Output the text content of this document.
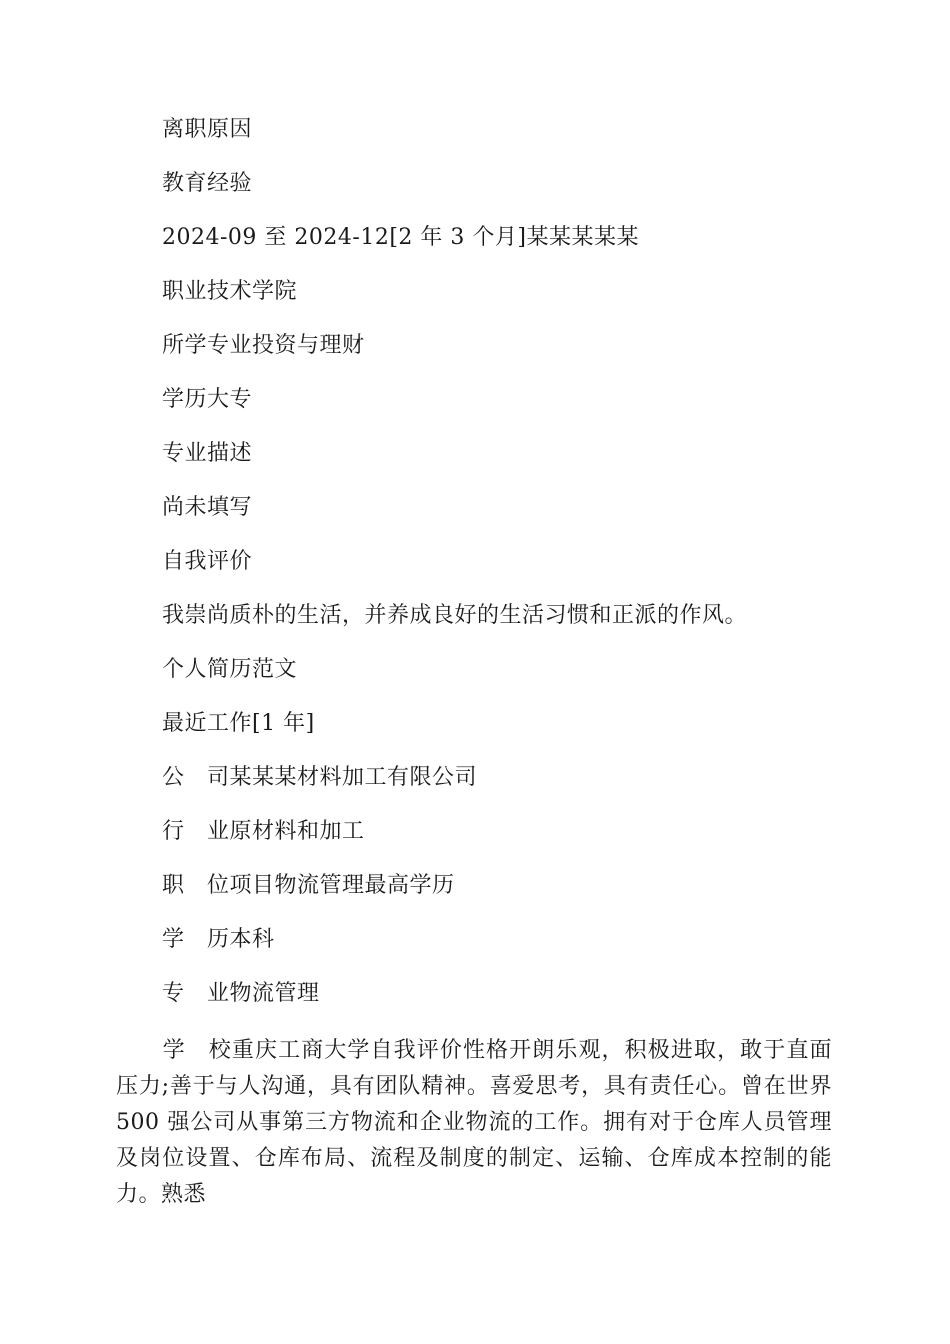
离职原因
教育经验
2024-09 至 2024-12[2 年 3 个月]某某某某某
职业技术学院
所学专业投资与理财
学历大专
专业描述
尚未填写
自我评价
我崇尚质朴的生活，并养成良好的生活习惯和正派的作风。
个人简历范文
最近工作[1 年]
公　司某某某材料加工有限公司
行　业原材料和加工
职　位项目物流管理最高学历
学　历本科
专　业物流管理
学　校重庆工商大学自我评价性格开朗乐观，积极进取，敢于直面压力;善于与人沟通，具有团队精神。喜爱思考，具有责任心。曾在世界 500 强公司从事第三方物流和企业物流的工作。拥有对于仓库人员管理及岗位设置、仓库布局、流程及制度的制定、运输、仓库成本控制的能力。熟悉
